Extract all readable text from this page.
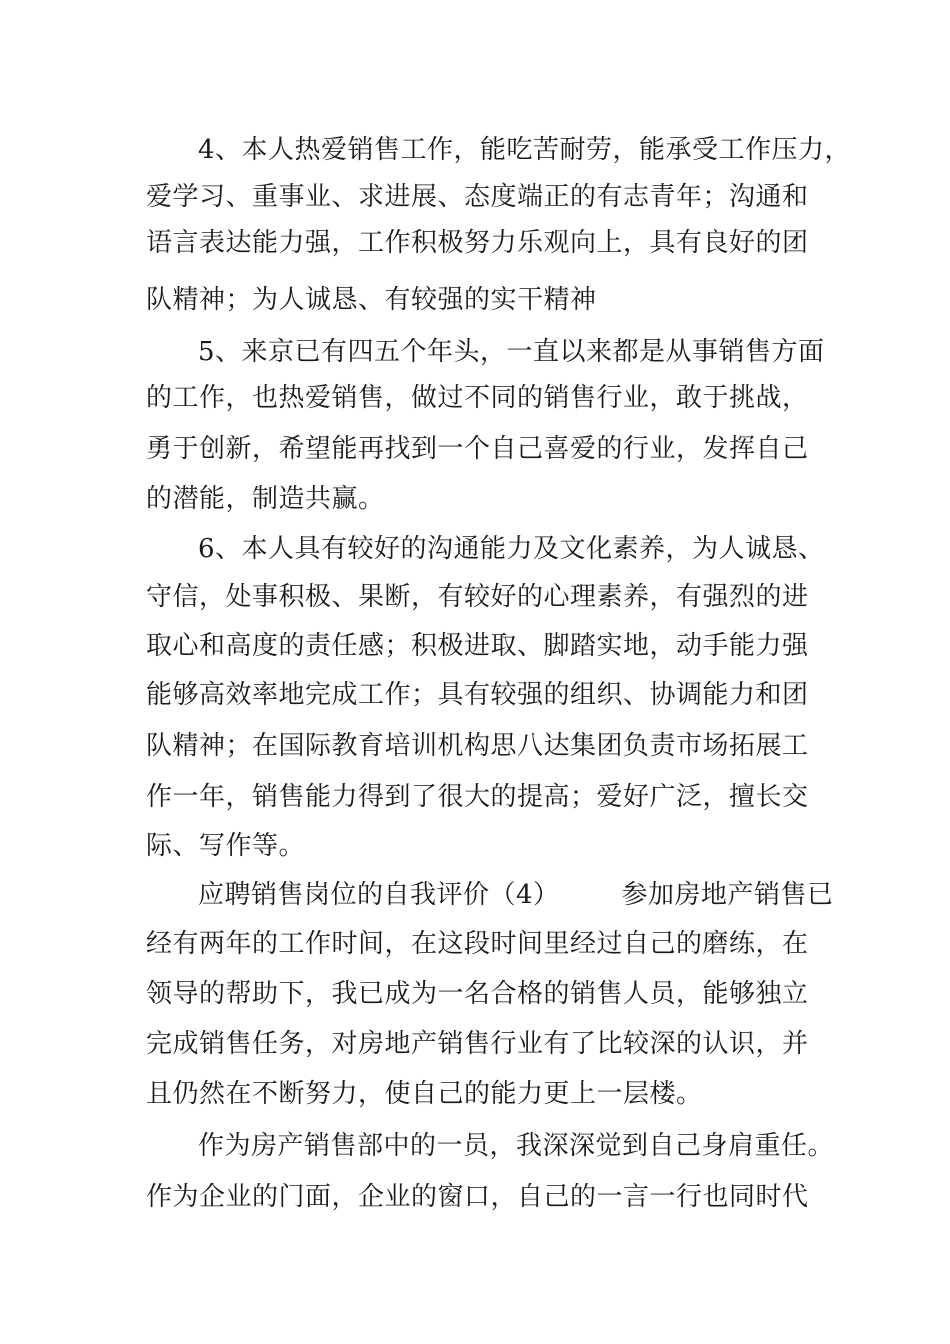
4、本人热爱销售工作，能吃苦耐劳，能承受工作压力，
爱学习、重事业、求进展、态度端正的有志青年；沟通和
语言表达能力强，工作积极努力乐观向上，具有良好的团
队精神；为人诚恳、有较强的实干精神
5、来京已有四五个年头，一直以来都是从事销售方面
的工作，也热爱销售，做过不同的销售行业，敢于挑战，
勇于创新，希望能再找到一个自己喜爱的行业，发挥自己
的潜能，制造共赢。
6、本人具有较好的沟通能力及文化素养，为人诚恳、
守信，处事积极、果断，有较好的心理素养，有强烈的进
取心和高度的责任感；积极进取、脚踏实地，动手能力强
能够高效率地完成工作；具有较强的组织、协调能力和团
队精神；在国际教育培训机构思八达集团负责市场拓展工
作一年，销售能力得到了很大的提高；爱好广泛，擅长交
际、写作等。
应聘销售岗位的自我评价（4） 参加房地产销售已
经有两年的工作时间，在这段时间里经过自己的磨练，在
领导的帮助下，我已成为一名合格的销售人员，能够独立
完成销售任务，对房地产销售行业有了比较深的认识，并
且仍然在不断努力，使自己的能力更上一层楼。
作为房产销售部中的一员，我深深觉到自己身肩重任。
作为企业的门面，企业的窗口，自己的一言一行也同时代
